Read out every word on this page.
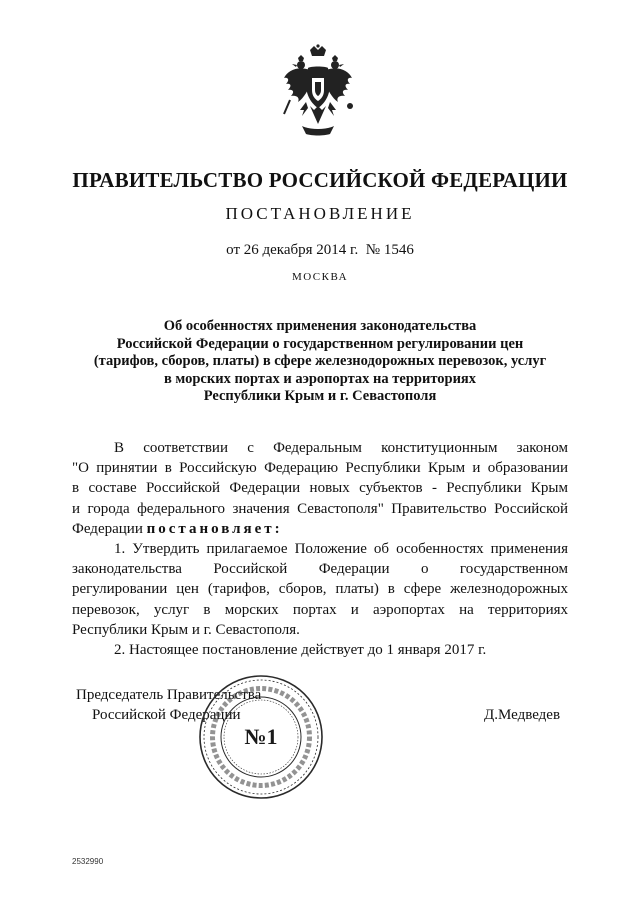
ПРАВИТЕЛЬСТВО РОССИЙСКОЙ ФЕДЕРАЦИИ
ПОСТАНОВЛЕНИЕ
от 26 декабря 2014 г. № 1546
МОСКВА
Об особенностях применения законодательства
Российской Федерации о государственном регулировании цен
(тарифов, сборов, платы) в сфере железнодорожных перевозок, услуг
в морских портах и аэропортах на территориях
Республики Крым и г. Севастополя
В соответствии с Федеральным конституционным законом
"О принятии в Российскую Федерацию Республики Крым и образовании
в составе Российской Федерации новых субъектов - Республики Крым
и города федерального значения Севастополя" Правительство Российской
Федерации постановляет:
1. Утвердить прилагаемое Положение об особенностях применения
законодательства Российской Федерации о государственном
регулировании цен (тарифов, сборов, платы) в сфере железнодорожных
перевозок, услуг в морских портах и аэропортах на территориях
Республики Крым и г. Севастополя.
2. Настоящее постановление действует до 1 января 2017 г.
Председатель Правительства
Российской Федерации	Д.Медведев
№1
2532990
